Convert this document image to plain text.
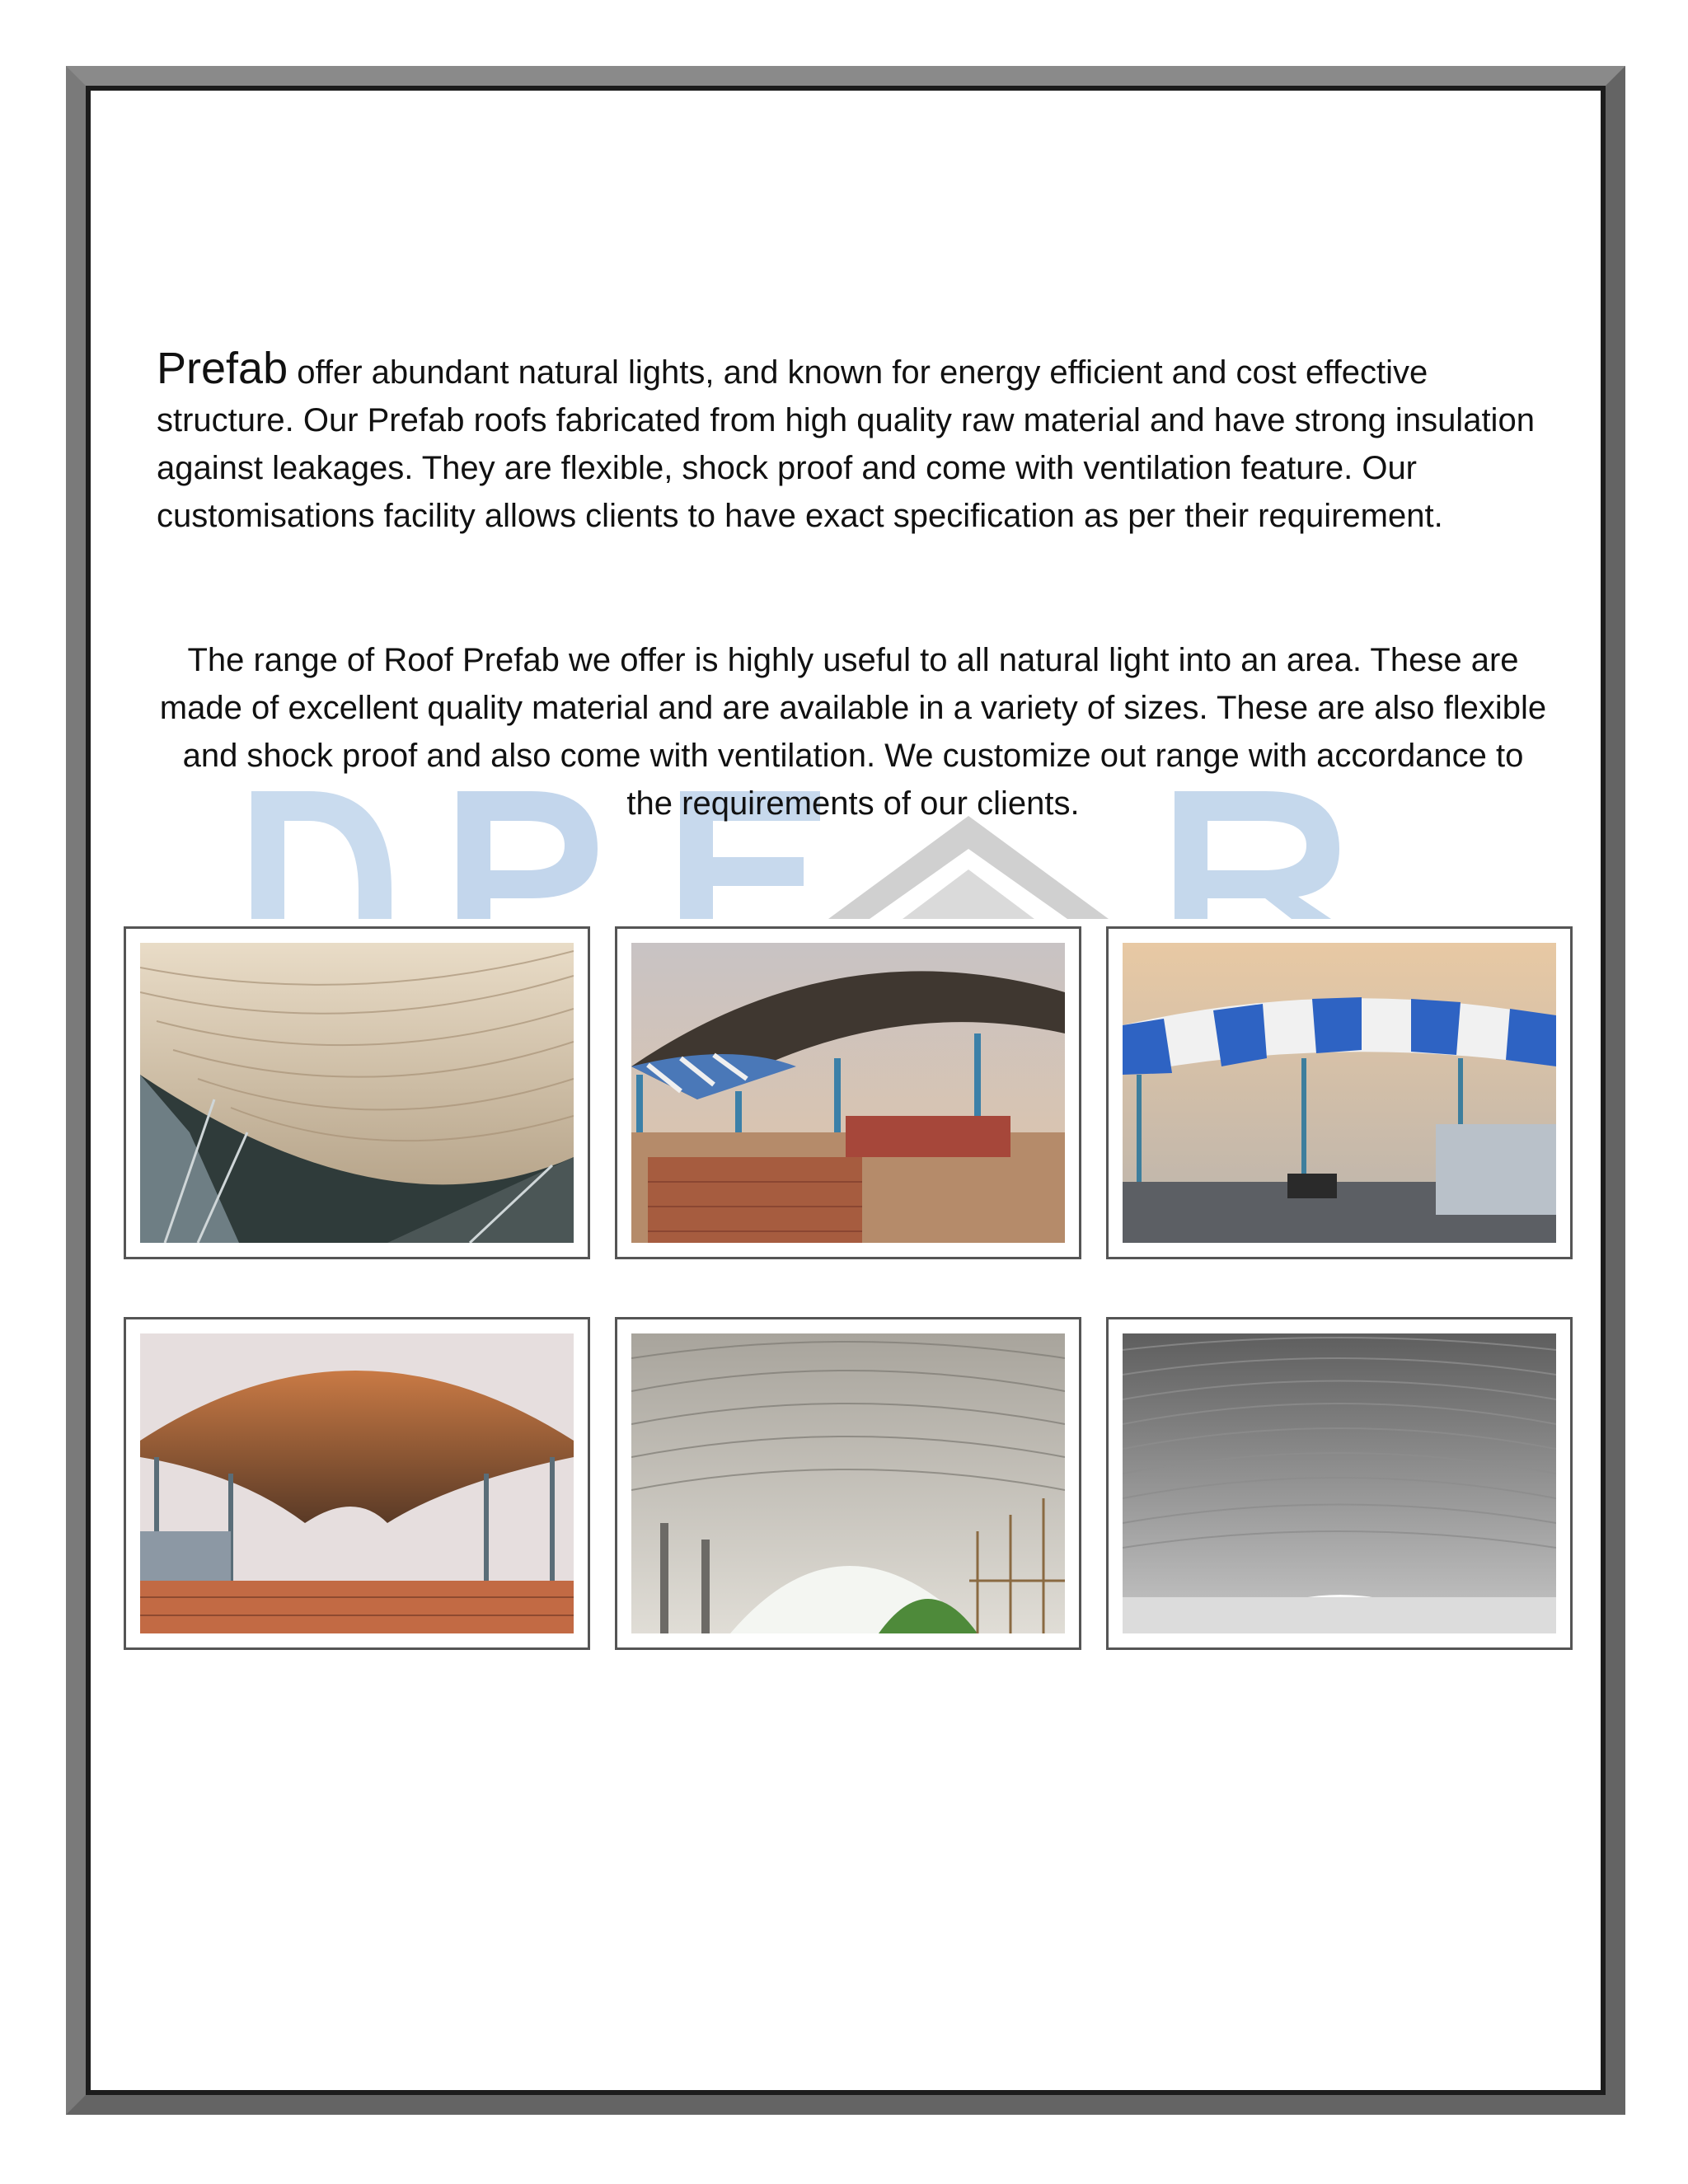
Prefab offer abundant natural lights, and known for energy efficient and cost effective structure. Our Prefab roofs fabricated from high quality raw material and have strong insulation against leakages. They are flexible, shock proof and come with ventilation feature. Our customisations facility allows clients to have exact specification as per their requirement.

The range of Roof Prefab we offer is highly useful to all natural light into an area. These are made of excellent quality material and are available in a variety of sizes. These are also flexible and shock proof and also come with ventilation. We customize out range with accordance to the requirements of our clients.
